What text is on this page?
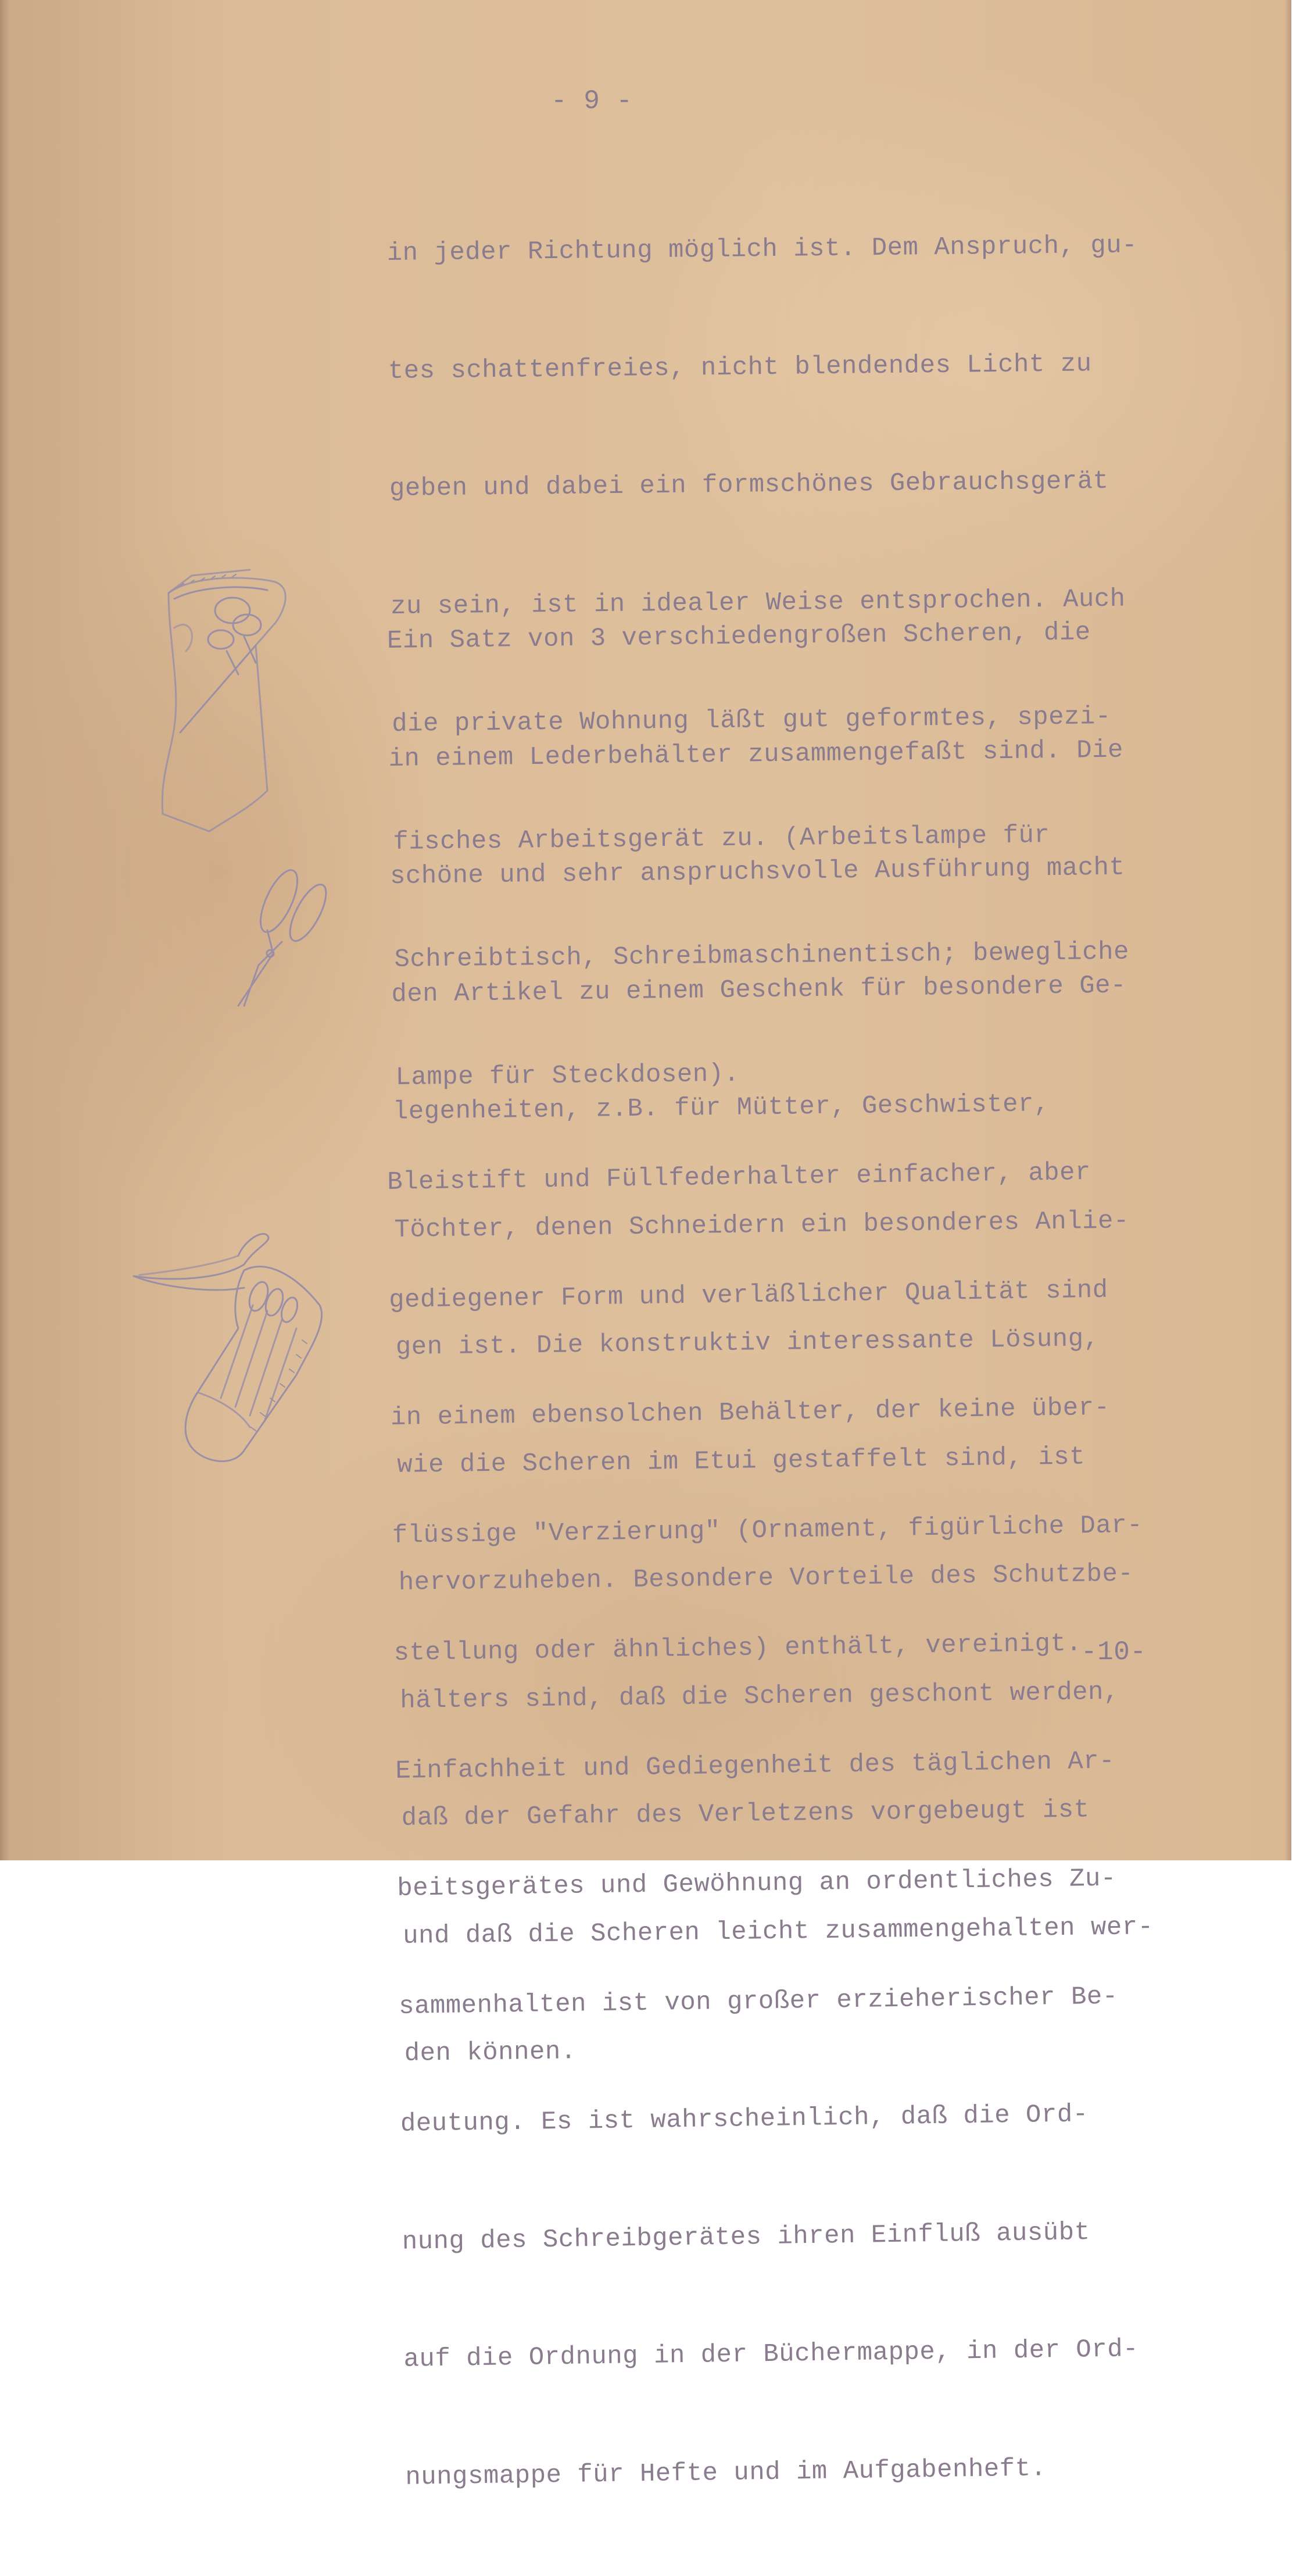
- 9 -

in jeder Richtung möglich ist. Dem Anspruch, gu-

tes schattenfreies, nicht blendendes Licht zu

geben und dabei ein formschönes Gebrauchsgerät

zu sein, ist in idealer Weise entsprochen. Auch

die private Wohnung läßt gut geformtes, spezi-

fisches Arbeitsgerät zu. (Arbeitslampe für

Schreibtisch, Schreibmaschinentisch; bewegliche

Lampe für Steckdosen).

Ein Satz von 3 verschiedengroßen Scheren, die

in einem Lederbehälter zusammengefaßt sind. Die

schöne und sehr anspruchsvolle Ausführung macht

den Artikel zu einem Geschenk für besondere Ge-

legenheiten, z.B. für Mütter, Geschwister,

Töchter, denen Schneidern ein besonderes Anlie-

gen ist. Die konstruktiv interessante Lösung,

wie die Scheren im Etui gestaffelt sind, ist

hervorzuheben. Besondere Vorteile des Schutzbe-

hälters sind, daß die Scheren geschont werden,

daß der Gefahr des Verletzens vorgebeugt ist

und daß die Scheren leicht zusammengehalten wer-

den können.

Bleistift und Füllfederhalter einfacher, aber

gediegener Form und verläßlicher Qualität sind

in einem ebensolchen Behälter, der keine über-

flüssige "Verzierung" (Ornament, figürliche Dar-

stellung oder ähnliches) enthält, vereinigt.

Einfachheit und Gediegenheit des täglichen Ar-

beitsgerätes und Gewöhnung an ordentliches Zu-

sammenhalten ist von großer erzieherischer Be-

deutung. Es ist wahrscheinlich, daß die Ord-

nung des Schreibgerätes ihren Einfluß ausübt

auf die Ordnung in der Büchermappe, in der Ord-

nungsmappe für Hefte und im Aufgabenheft.

-10-
